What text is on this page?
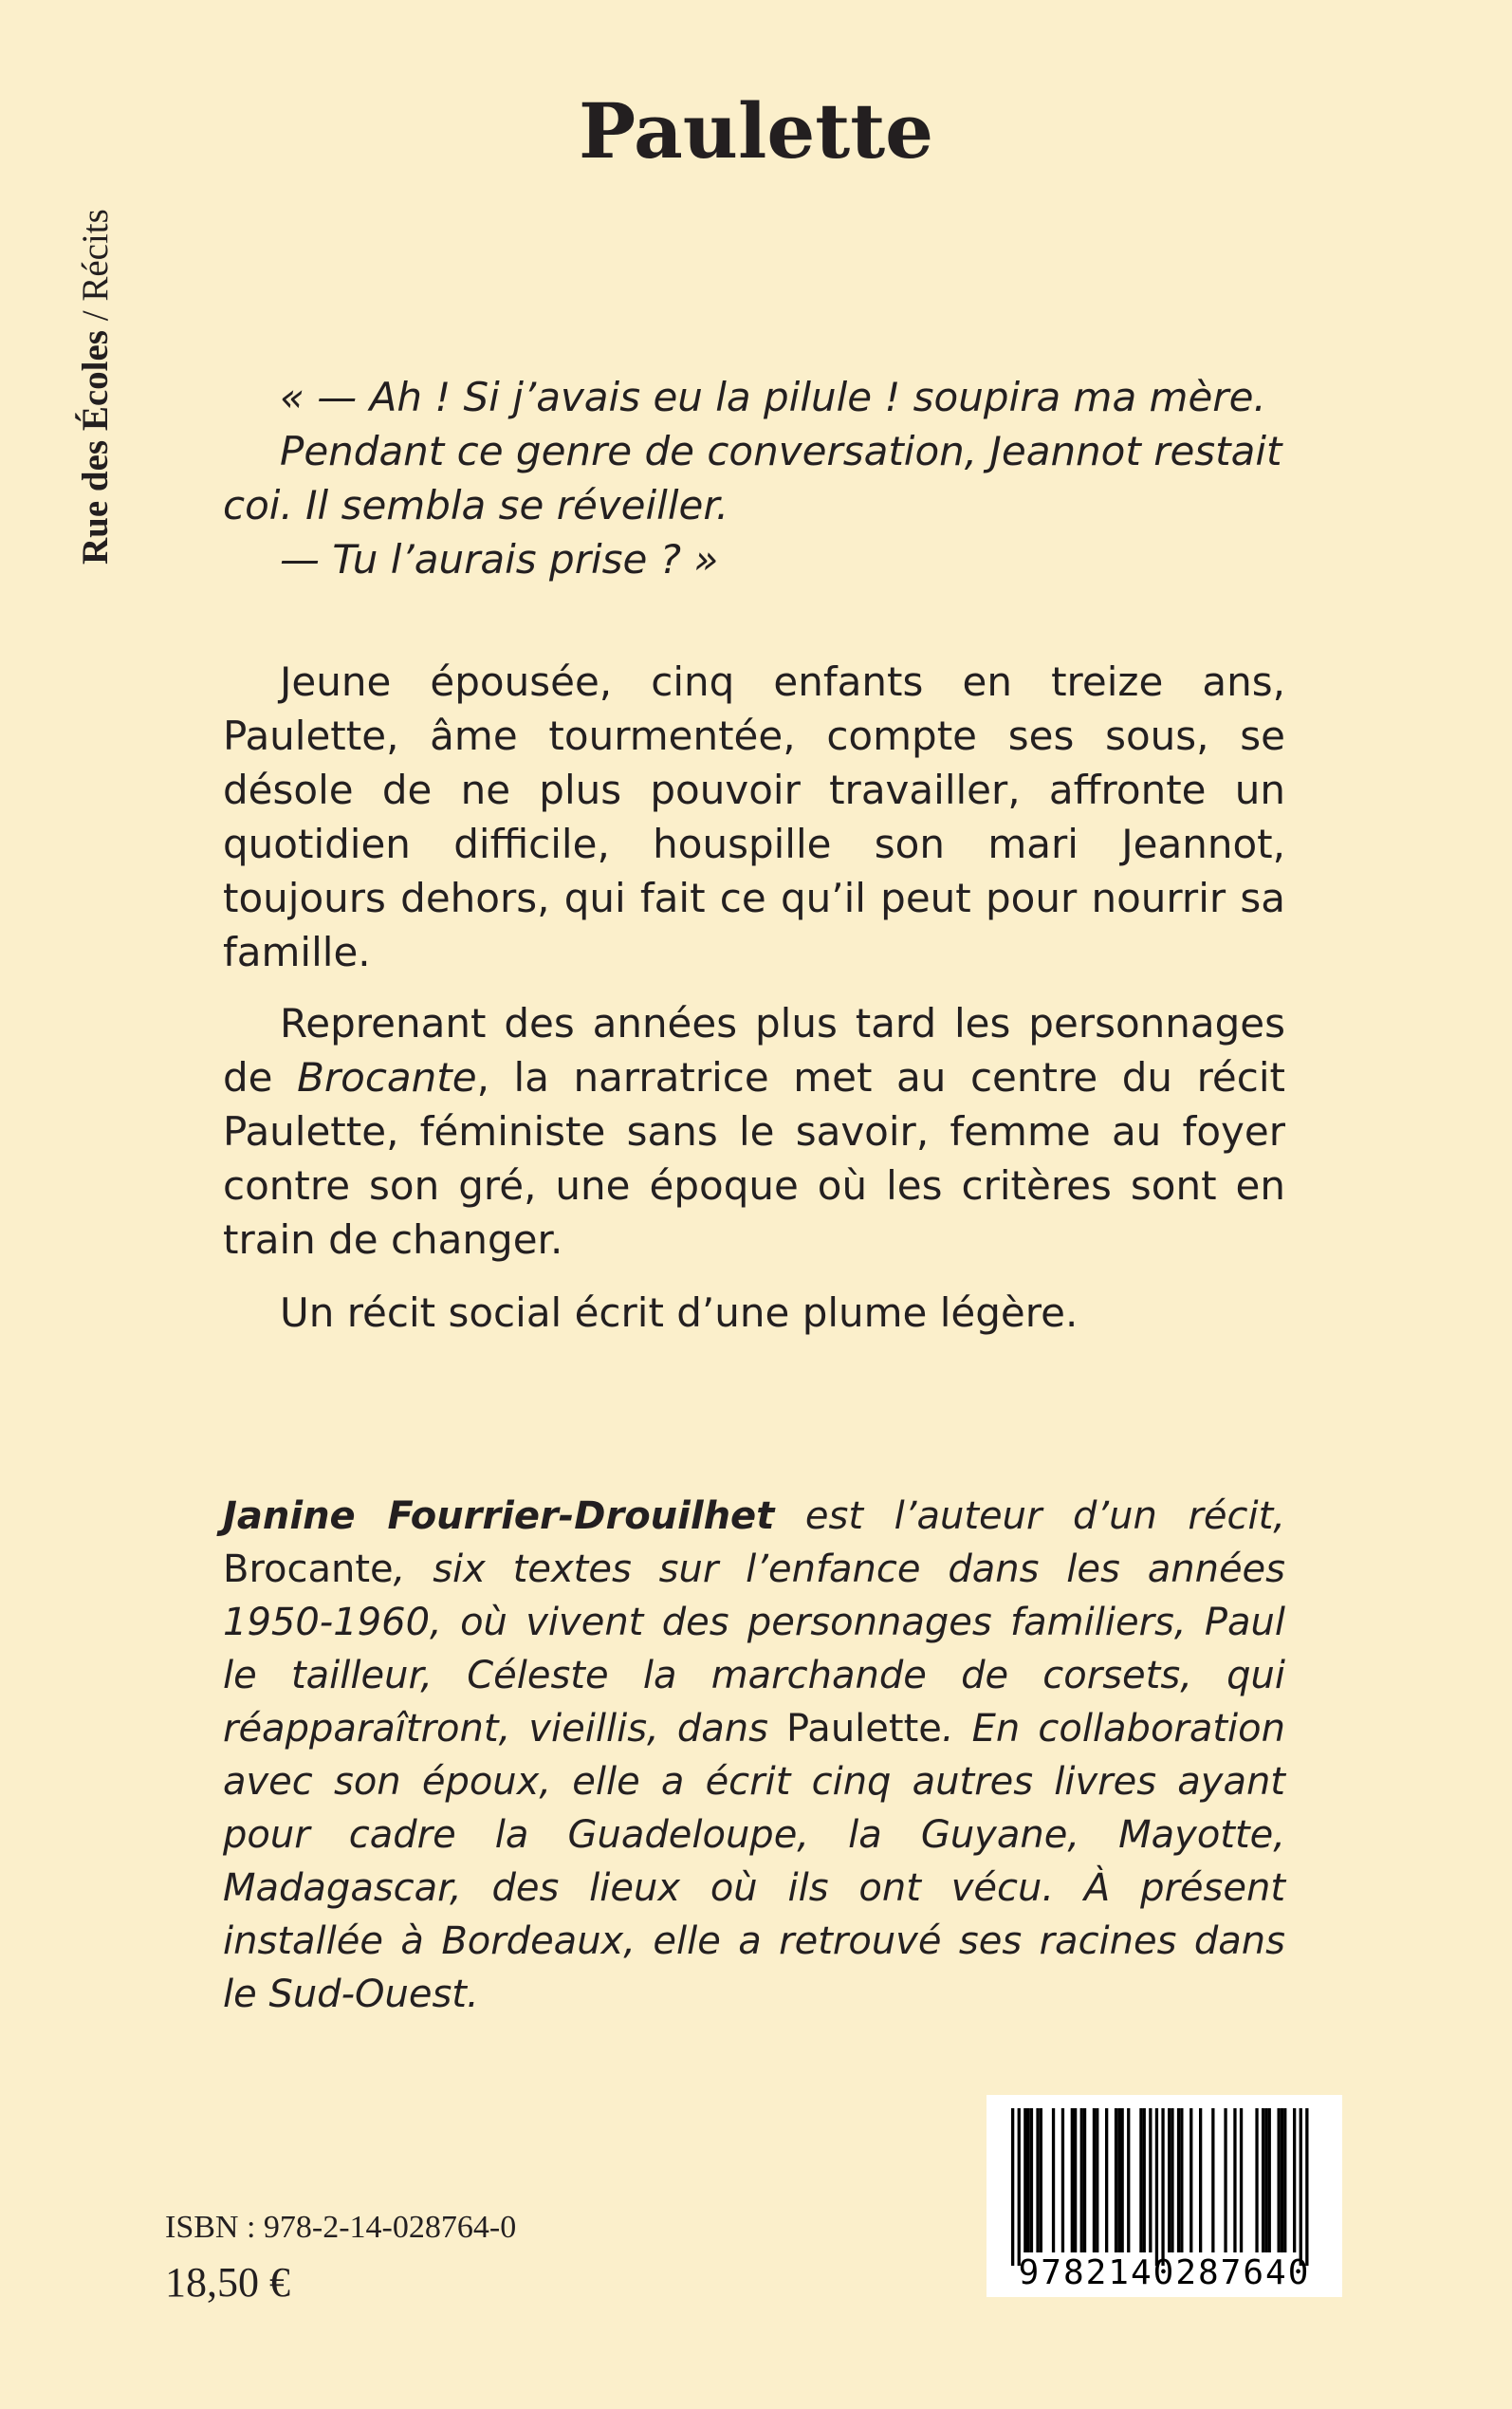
Rue des Écoles / Récits
Paulette

« — Ah ! Si j’avais eu la pilule ! soupira ma mère.

Pendant ce genre de conversation, Jeannot restait coi. Il sembla se réveiller.

— Tu l’aurais prise ? »

Jeune épousée, cinq enfants en treize ans, Paulette, âme tourmentée, compte ses sous, se désole de ne plus pouvoir travailler, affronte un quotidien difficile, houspille son mari Jeannot, toujours dehors, qui fait ce qu’il peut pour nourrir sa famille.

Reprenant des années plus tard les personnages de Brocante, la narratrice met au centre du récit Paulette, féministe sans le savoir, femme au foyer contre son gré, une époque où les critères sont en train de changer.

Un récit social écrit d’une plume légère.

Janine Fourrier-Drouilhet est l’auteur d’un récit, Brocante, six textes sur l’enfance dans les années 1950-1960, où vivent des personnages familiers, Paul le tailleur, Céleste la marchande de corsets, qui réapparaîtront, vieillis, dans Paulette. En collaboration avec son époux, elle a écrit cinq autres livres ayant pour cadre la Guadeloupe, la Guyane, Mayotte, Madagascar, des lieux où ils ont vécu. À présent installée à Bordeaux, elle a retrouvé ses racines dans le Sud-Ouest.

ISBN : 978-2-14-028764-0
18,50 €	9782140287640
